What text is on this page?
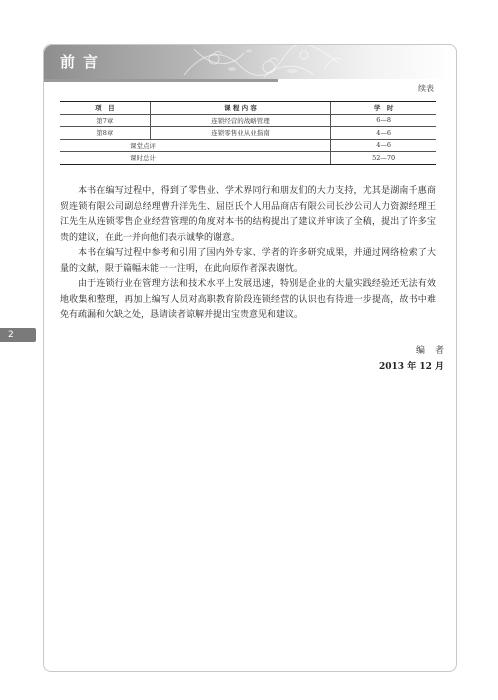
前言
续表
项　目	课 程 内 容	学　时
第7章	连锁经营的战略管理	6—8
第8章	连锁零售业从业指南	4—6
课堂点评		4—6
课时总计		52—70

本书在编写过程中，得到了零售业、学术界同行和朋友们的大力支持，尤其是湖南千惠商贸连锁有限公司副总经理曹升洋先生、屈臣氏个人用品商店有限公司长沙公司人力资源经理王江先生从连锁零售企业经营管理的角度对本书的结构提出了建议并审读了全稿，提出了许多宝贵的建议，在此一并向他们表示诚挚的谢意。

本书在编写过程中参考和引用了国内外专家、学者的许多研究成果，并通过网络检索了大量的文献，限于篇幅未能一一注明，在此向原作者深表谢忱。

由于连锁行业在管理方法和技术水平上发展迅速，特别是企业的大量实践经验还无法有效地收集和整理，再加上编写人员对高职教育阶段连锁经营的认识也有待进一步提高，故书中难免有疏漏和欠缺之处，恳请读者谅解并提出宝贵意见和建议。

编者
2013 年 12 月
2
